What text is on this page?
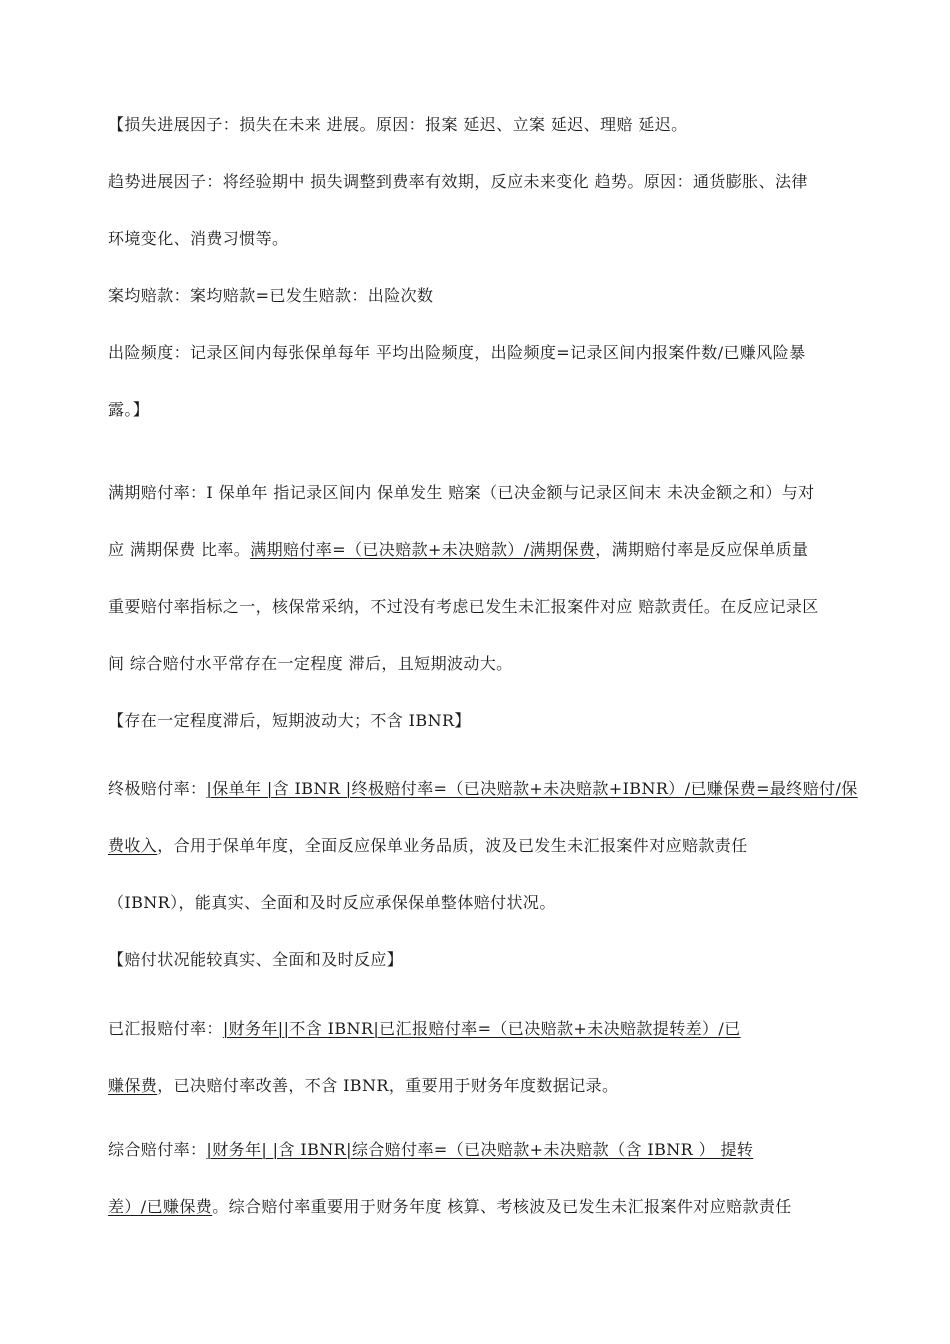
【损失进展因子：损失在未来 进展。原因：报案 延迟、立案 延迟、理赔 延迟。
趋势进展因子：将经验期中 损失调整到费率有效期，反应未来变化 趋势。原因：通货膨胀、法律
环境变化、消费习惯等。
案均赔款：案均赔款=已发生赔款：出险次数
出险频度：记录区间内每张保单每年 平均出险频度，出险频度=记录区间内报案件数/已赚风险暴
露。】
满期赔付率：I 保单年 指记录区间内 保单发生 赔案（已决金额与记录区间末 未决金额之和）与对
应 满期保费 比率。满期赔付率=（已决赔款+未决赔款）/满期保费，满期赔付率是反应保单质量
重要赔付率指标之一，核保常采纳，不过没有考虑已发生未汇报案件对应 赔款责任。在反应记录区
间 综合赔付水平常存在一定程度 滞后，且短期波动大。
【存在一定程度滞后，短期波动大；不含 IBNR】
终极赔付率：|保单年 |含 IBNR |终极赔付率=（已决赔款+未决赔款+IBNR）/已赚保费=最终赔付/保
费收入，合用于保单年度，全面反应保单业务品质，波及已发生未汇报案件对应赔款责任
（IBNR），能真实、全面和及时反应承保保单整体赔付状况。
【赔付状况能较真实、全面和及时反应】
已汇报赔付率：|财务年||不含 IBNR|已汇报赔付率=（已决赔款+未决赔款提转差）/已
赚保费，已决赔付率改善，不含 IBNR，重要用于财务年度数据记录。
综合赔付率：|财务年| |含 IBNR|综合赔付率=（已决赔款+未决赔款（含 IBNR ） 提转
差）/已赚保费。综合赔付率重要用于财务年度 核算、考核波及已发生未汇报案件对应赔款责任
